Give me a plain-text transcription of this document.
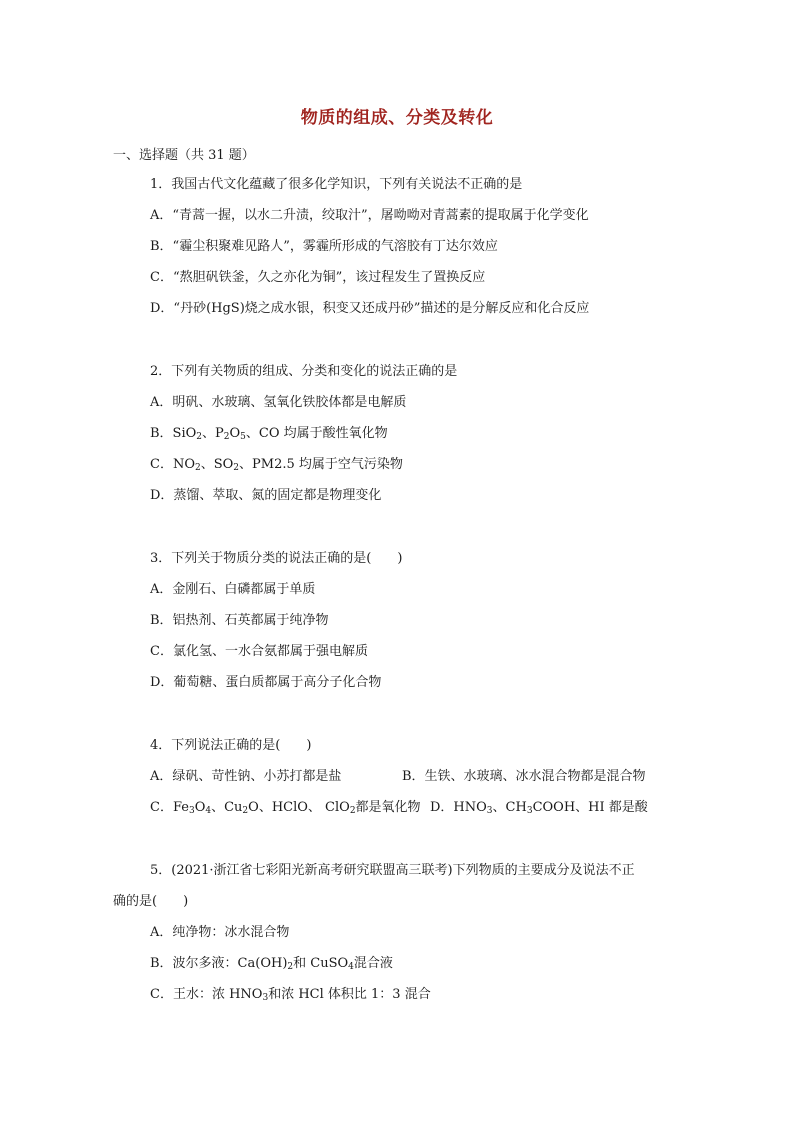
物质的组成、分类及转化
一、选择题（共 31 题）
1．我国古代文化蕴藏了很多化学知识，下列有关说法不正确的是
A．“青蒿一握，以水二升渍，绞取汁”，屠呦呦对青蒿素的提取属于化学变化
B．“霾尘积聚难见路人”，雾霾所形成的气溶胶有丁达尔效应
C．“熬胆矾铁釜，久之亦化为铜”，该过程发生了置换反应
D．“丹砂(HgS)烧之成水银，积变又还成丹砂”描述的是分解反应和化合反应
2．下列有关物质的组成、分类和变化的说法正确的是
A．明矾、水玻璃、氢氧化铁胶体都是电解质
B．SiO$_2$、$P_2O_5$、CO 均属于酸性氧化物
C．$NO_2$、$SO_2$、PM2.5 均属于空气污染物
D．蒸馏、萃取、氮的固定都是物理变化
3．下列关于物质分类的说法正确的是(　　)
A．金刚石、白磷都属于单质
B．铝热剂、石英都属于纯净物
C．氯化氢、一水合氨都属于强电解质
D．葡萄糖、蛋白质都属于高分子化合物
4．下列说法正确的是(　　)
A．绿矾、苛性钠、小苏打都是盐	B．生铁、水玻璃、冰水混合物都是混合物
C．$Fe_3O_4$、$Cu_2O$、HClO、 ClO$_2$都是氧化物 D．$HNO_3$、$CH_3COOH$、HI 都是酸
5．(2021·浙江省七彩阳光新高考研究联盟高三联考)下列物质的主要成分及说法不正
确的是(　　)
A．纯净物：冰水混合物
B．波尔多液：$Ca(OH)_2$和 CuSO$_4$混合液
C．王水：浓 $HNO_3$和浓 HCl 体积比 1：3 混合
